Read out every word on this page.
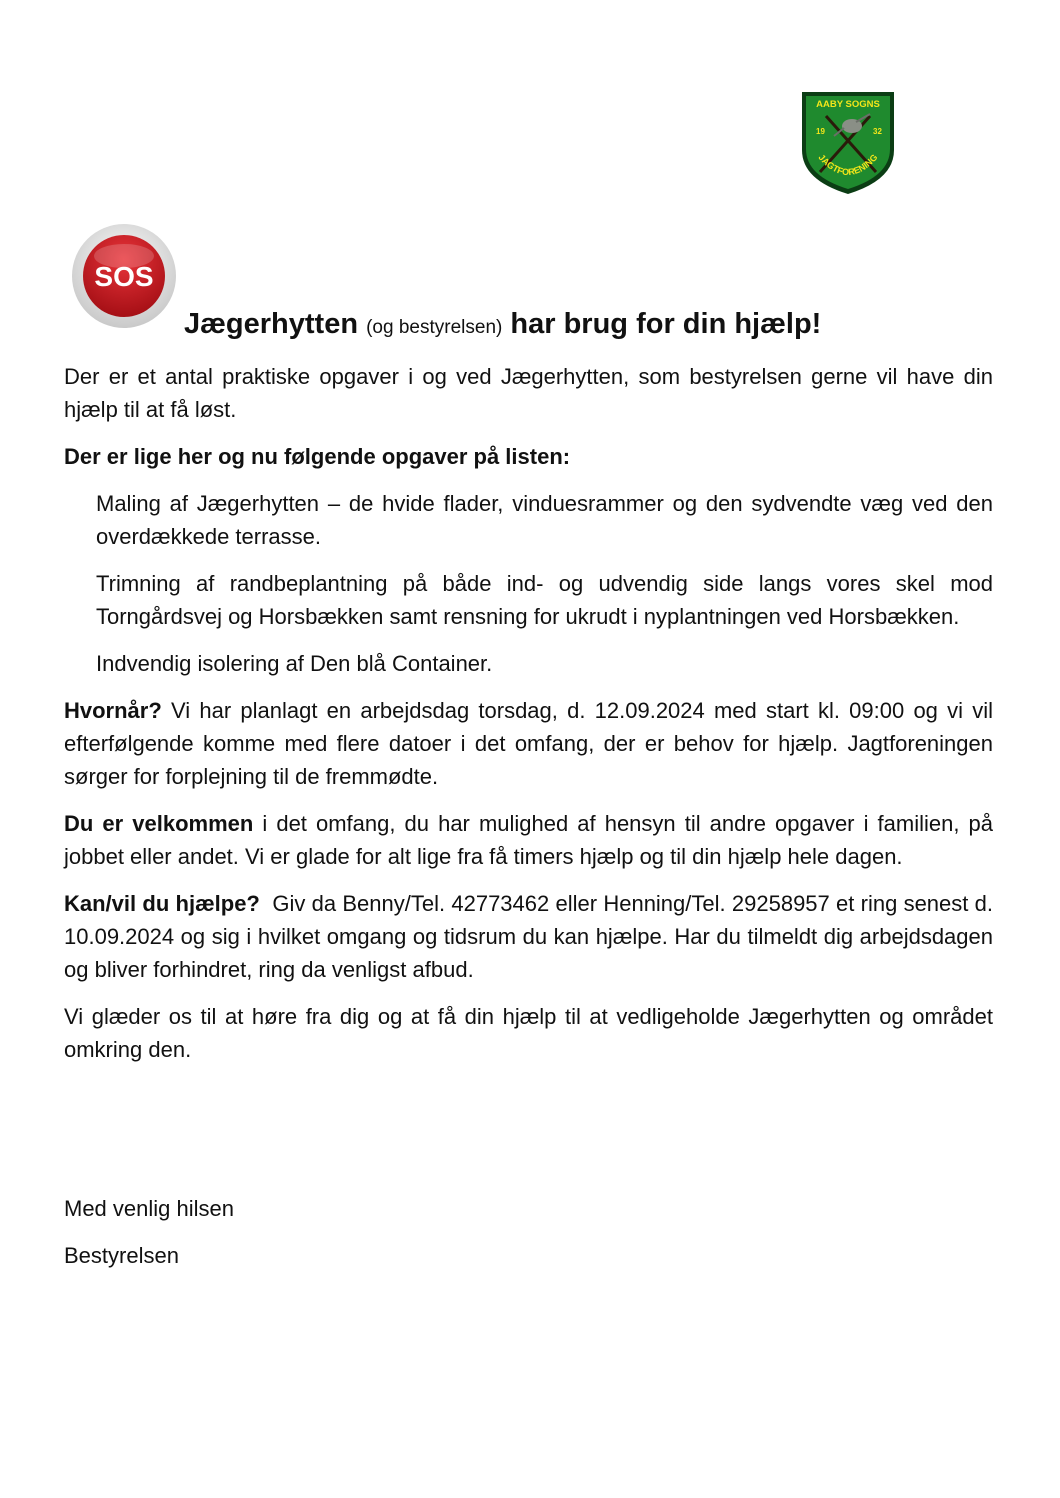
AABY SOGNS
19	32
JAGTFORENING
SOS
Jægerhytten (og bestyrelsen) har brug for din hjælp!

Der er et antal praktiske opgaver i og ved Jægerhytten, som bestyrelsen gerne vil have din hjælp til at få løst.

Der er lige her og nu følgende opgaver på listen:

Maling af Jægerhytten – de hvide flader, vinduesrammer og den sydvendte væg ved den overdækkede terrasse.

Trimning af randbeplantning på både ind- og udvendig side langs vores skel mod Torngårdsvej og Horsbækken samt rensning for ukrudt i nyplantningen ved Horsbækken.

Indvendig isolering af Den blå Container.

Hvornår? Vi har planlagt en arbejdsdag torsdag, d. 12.09.2024 med start kl. 09:00 og vi vil efterfølgende komme med flere datoer i det omfang, der er behov for hjælp. Jagtforeningen sørger for forplejning til de fremmødte.

Du er velkommen i det omfang, du har mulighed af hensyn til andre opgaver i familien, på jobbet eller andet. Vi er glade for alt lige fra få timers hjælp og til din hjælp hele dagen.

Kan/vil du hjælpe?  Giv da Benny/Tel. 42773462 eller Henning/Tel. 29258957 et ring senest d. 10.09.2024 og sig i hvilket omgang og tidsrum du kan hjælpe. Har du tilmeldt dig arbejdsdagen og bliver forhindret, ring da venligst afbud.

Vi glæder os til at høre fra dig og at få din hjælp til at vedligeholde Jægerhytten og området omkring den.

Med venlig hilsen

Bestyrelsen
